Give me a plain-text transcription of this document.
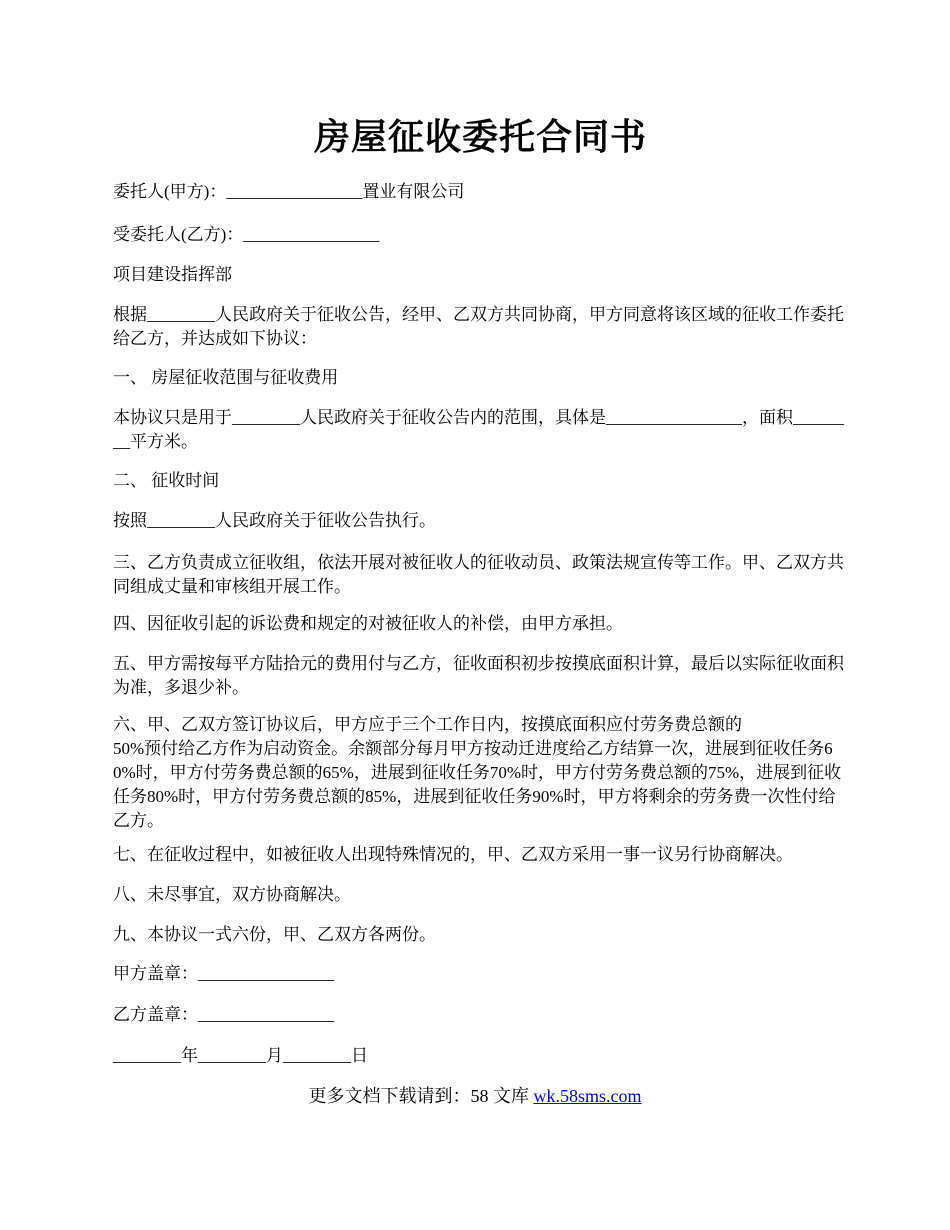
房屋征收委托合同书
委托人(甲方)：________________置业有限公司
受委托人(乙方)：________________
项目建设指挥部
根据________人民政府关于征收公告，经甲、乙双方共同协商，甲方同意将该区域的征收工作委托给乙方，并达成如下协议：
一、 房屋征收范围与征收费用
本协议只是用于________人民政府关于征收公告内的范围，具体是________________，面积________平方米。
二、 征收时间
按照________人民政府关于征收公告执行。
三、乙方负责成立征收组，依法开展对被征收人的征收动员、政策法规宣传等工作。甲、乙双方共同组成丈量和审核组开展工作。
四、因征收引起的诉讼费和规定的对被征收人的补偿，由甲方承担。
五、甲方需按每平方陆拾元的费用付与乙方，征收面积初步按摸底面积计算，最后以实际征收面积为准，多退少补。
六、甲、乙双方签订协议后，甲方应于三个工作日内，按摸底面积应付劳务费总额的
50%预付给乙方作为启动资金。余额部分每月甲方按动迁进度给乙方结算一次，进展到征收任务60%时，甲方付劳务费总额的65%，进展到征收任务70%时，甲方付劳务费总额的75%，进展到征收任务80%时，甲方付劳务费总额的85%，进展到征收任务90%时，甲方将剩余的劳务费一次性付给乙方。
七、在征收过程中，如被征收人出现特殊情况的，甲、乙双方采用一事一议另行协商解决。
八、未尽事宜，双方协商解决。
九、本协议一式六份，甲、乙双方各两份。
甲方盖章：________________
乙方盖章：________________
________年________月________日
更多文档下载请到：58 文库 wk.58sms.com
